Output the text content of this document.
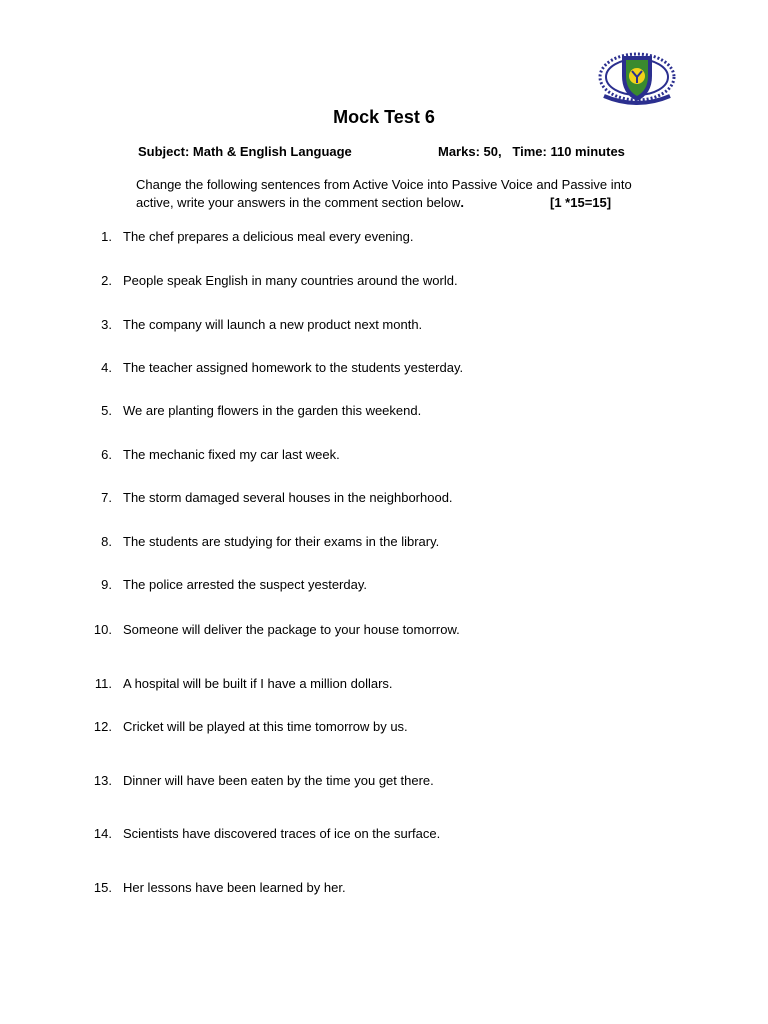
Mock Test 6
Subject: Math & English Language	Marks: 50,   Time: 110 minutes
Change the following sentences from Active Voice into Passive Voice and Passive into
active, write your answers in the comment section below.	[1 *15=15]
1. The chef prepares a delicious meal every evening.
2. People speak English in many countries around the world.
3. The company will launch a new product next month.
4. The teacher assigned homework to the students yesterday.
5. We are planting flowers in the garden this weekend.
6. The mechanic fixed my car last week.
7. The storm damaged several houses in the neighborhood.
8. The students are studying for their exams in the library.
9. The police arrested the suspect yesterday.
10. Someone will deliver the package to your house tomorrow.
11. A hospital will be built if I have a million dollars.
12. Cricket will be played at this time tomorrow by us.
13. Dinner will have been eaten by the time you get there.
14. Scientists have discovered traces of ice on the surface.
15. Her lessons have been learned by her.
